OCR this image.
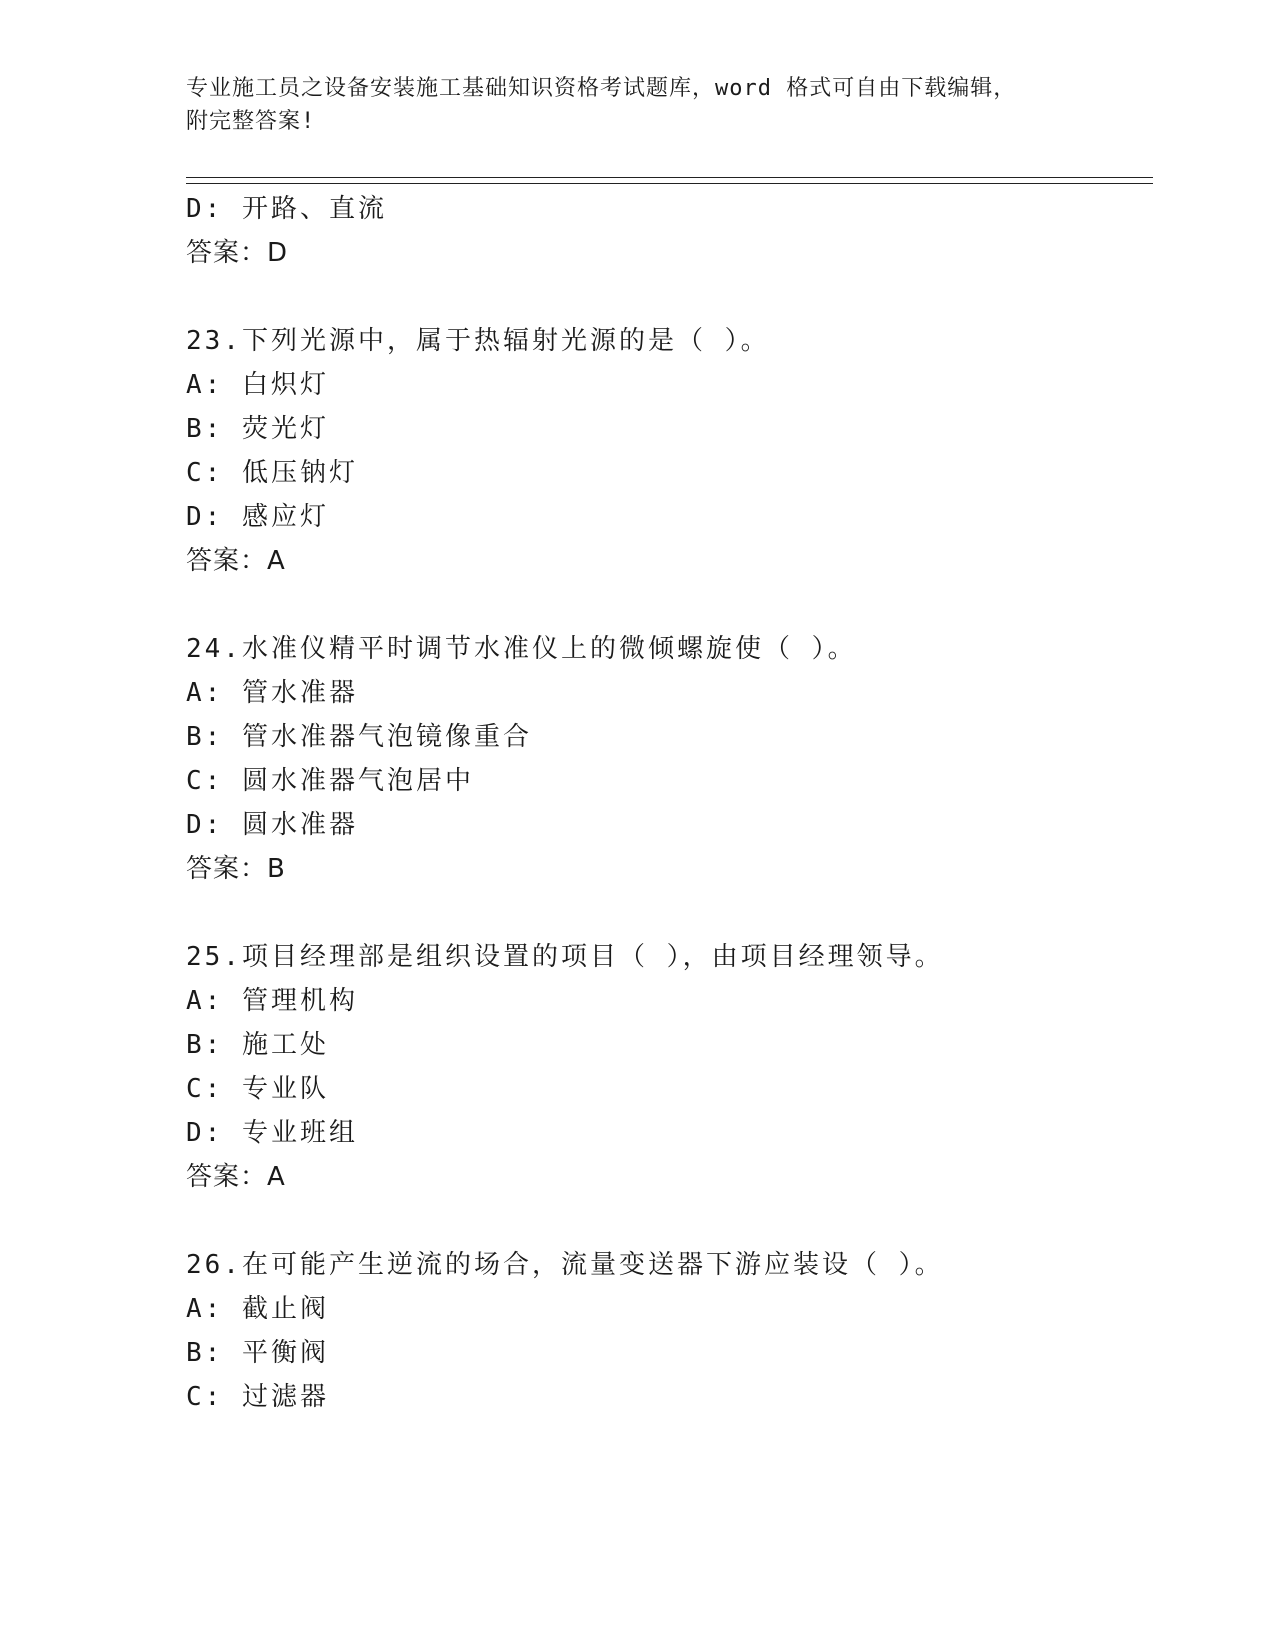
专业施工员之设备安装施工基础知识资格考试题库，word 格式可自由下载编辑，
附完整答案!
D: 开路、直流
答案：D
23.下列光源中，属于热辐射光源的是（ ）。
A: 白炽灯
B: 荧光灯
C: 低压钠灯
D: 感应灯
答案：A
24.水准仪精平时调节水准仪上的微倾螺旋使（ ）。
A: 管水准器
B: 管水准器气泡镜像重合
C: 圆水准器气泡居中
D: 圆水准器
答案：B
25.项目经理部是组织设置的项目（ ），由项目经理领导。
A: 管理机构
B: 施工处
C: 专业队
D: 专业班组
答案：A
26.在可能产生逆流的场合，流量变送器下游应装设（ ）。
A: 截止阀
B: 平衡阀
C: 过滤器
